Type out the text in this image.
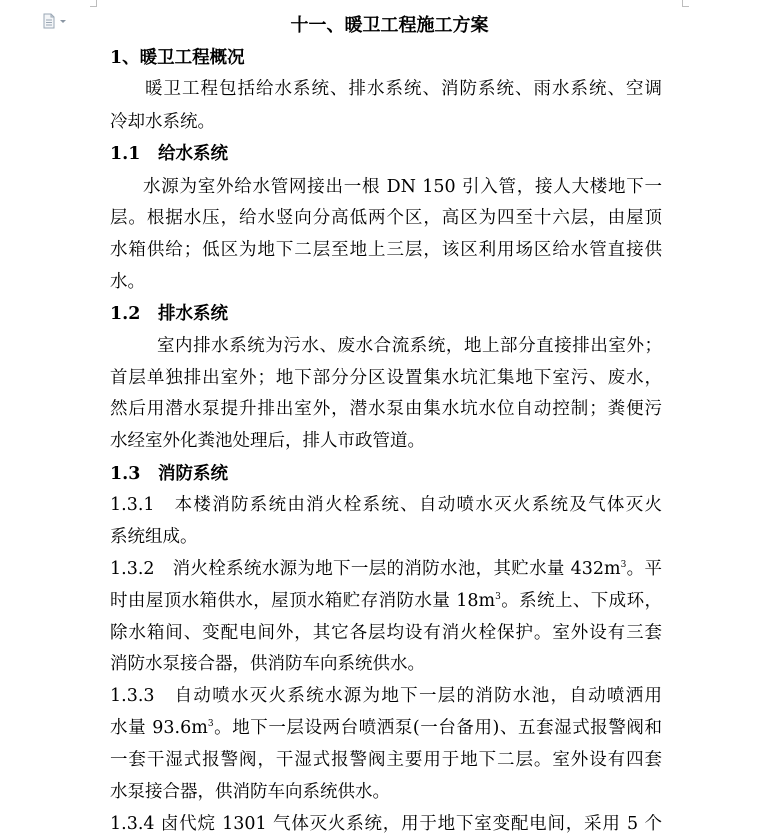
十一、暖卫工程施工方案
1、暖卫工程概况
暖卫工程包括给水系统、排水系统、消防系统、雨水系统、空调
冷却水系统。
1.1 给水系统
水源为室外给水管网接出一根 DN 150 引入管，接人大楼地下一
层。根据水压，给水竖向分高低两个区，高区为四至十六层，由屋顶
水箱供给；低区为地下二层至地上三层，该区利用场区给水管直接供
水。
1.2 排水系统
室内排水系统为污水、废水合流系统，地上部分直接排出室外；
首层单独排出室外；地下部分分区设置集水坑汇集地下室污、废水，
然后用潜水泵提升排出室外，潜水泵由集水坑水位自动控制；粪便污
水经室外化粪池处理后，排人市政管道。
1.3 消防系统
1.3.1　本楼消防系统由消火栓系统、自动喷水灭火系统及气体灭火
系统组成。
1.3.2　消火栓系统水源为地下一层的消防水池，其贮水量 $432m^3$。平
时由屋顶水箱供水，屋顶水箱贮存消防水量 $18m^3$。系统上、下成环，
除水箱间、变配电间外，其它各层均设有消火栓保护。室外设有三套
消防水泵接合器，供消防车向系统供水。
1.3.3　自动喷水灭火系统水源为地下一层的消防水池，自动喷洒用
水量 $93.6m^3$。地下一层设两台喷洒泵(一台备用)、五套湿式报警阀和
一套干湿式报警阀，干湿式报警阀主要用于地下二层。室外设有四套
水泵接合器，供消防车向系统供水。
1.3.4 卤代烷 1301 气体灭火系统，用于地下室变配电间，采用 5 个
